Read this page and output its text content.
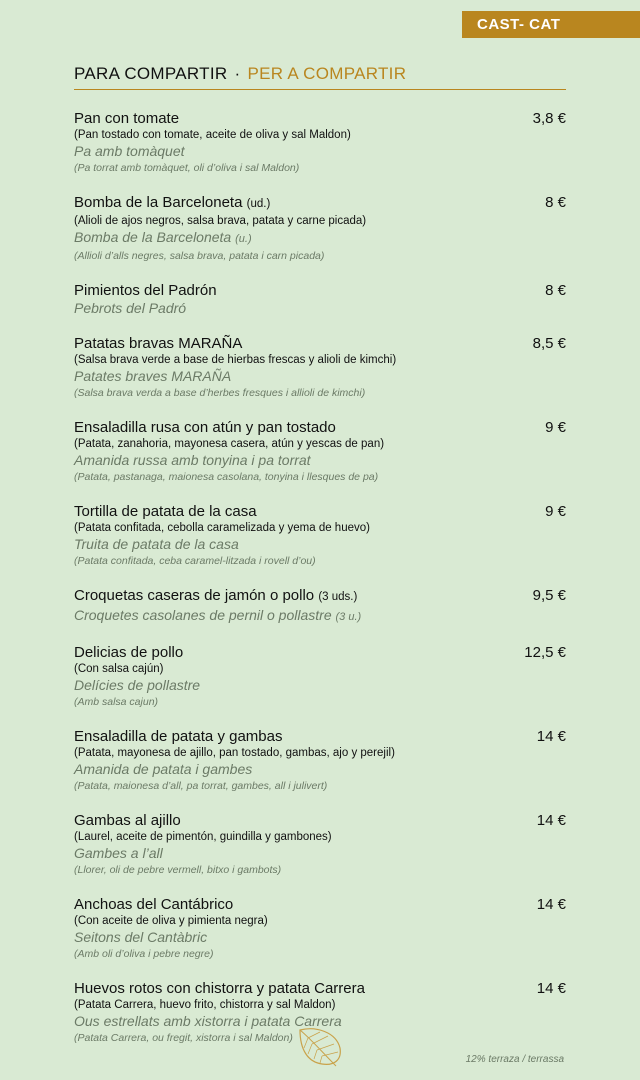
CAST- CAT
PARA COMPARTIR · PER A COMPARTIR
Pan con tomate	3,8 €
(Pan tostado con tomate, aceite de oliva y sal Maldon)
Pa amb tomàquet
(Pa torrat amb tomàquet, oli d’oliva i sal Maldon)
Bomba de la Barceloneta (ud.)	8 €
(Alioli de ajos negros, salsa brava, patata y carne picada)
Bomba de la Barceloneta (u.)
(Allioli d’alls negres, salsa brava, patata i carn picada)
Pimientos del Padrón	8 €
Pebrots del Padró
Patatas bravas MARAÑA	8,5 €
(Salsa brava verde a base de hierbas frescas y alioli de kimchi)
Patates braves MARAÑA
(Salsa brava verda a base d’herbes fresques i allioli de kimchi)
Ensaladilla rusa con atún y pan tostado	9 €
(Patata, zanahoria, mayonesa casera, atún y yescas de pan)
Amanida russa amb tonyina i pa torrat
(Patata, pastanaga, maionesa casolana, tonyina i llesques de pa)
Tortilla de patata de la casa	9 €
(Patata confitada, cebolla caramelizada y yema de huevo)
Truita de patata de la casa
(Patata confitada, ceba caramel-litzada i rovell d’ou)
Croquetas caseras de jamón o pollo (3 uds.)	9,5 €
Croquetes casolanes de pernil o pollastre (3 u.)
Delicias de pollo	12,5 €
(Con salsa cajún)
Delícies de pollastre
(Amb salsa cajun)
Ensaladilla de patata y gambas	14 €
(Patata, mayonesa de ajillo, pan tostado, gambas, ajo y perejil)
Amanida de patata i gambes
(Patata, maionesa d’all, pa torrat, gambes, all i julivert)
Gambas al ajillo	14 €
(Laurel, aceite de pimentón, guindilla y gambones)
Gambes a l’all
(Llorer, oli de pebre vermell, bitxo i gambots)
Anchoas del Cantábrico	14 €
(Con aceite de oliva y pimienta negra)
Seitons del Cantàbric
(Amb oli d’oliva i pebre negre)
Huevos rotos con chistorra y patata Carrera	14 €
(Patata Carrera, huevo frito, chistorra y sal Maldon)
Ous estrellats amb xistorra i patata Carrera
(Patata Carrera, ou fregit, xistorra i sal Maldon)
12% terraza / terrassa
